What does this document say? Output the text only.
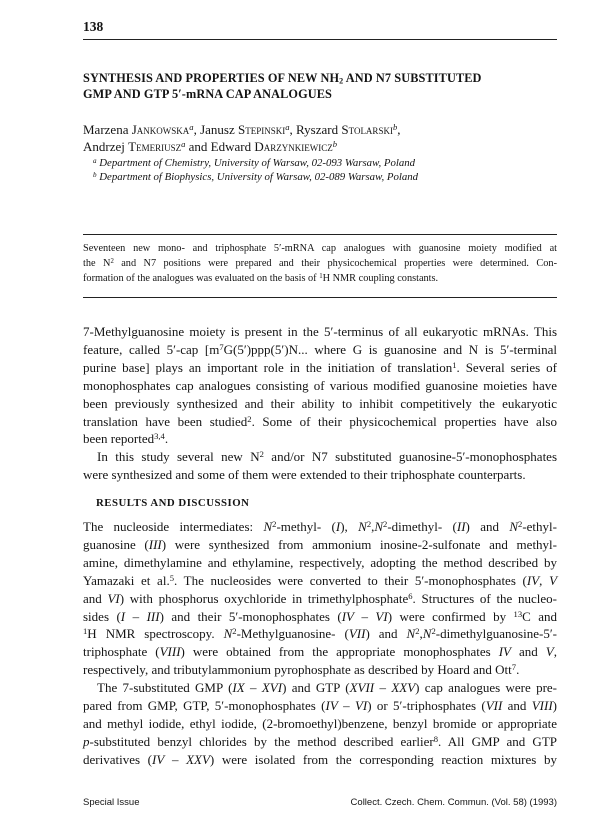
138
SYNTHESIS AND PROPERTIES OF NEW $NH_2$ AND N7 SUBSTITUTED
GMP AND GTP 5′-mRNA CAP ANALOGUES
Marzena Jankowska$^a$, Janusz Stepinski$^a$, Ryszard Stolarski$^b$,
Andrzej Temeriusz$^a$ and Edward Darzynkiewicz$^b$
$^a$ Department of Chemistry, University of Warsaw, 02-093 Warsaw, Poland
$^b$ Department of Biophysics, University of Warsaw, 02-089 Warsaw, Poland
Seventeen new mono- and triphosphate 5′-mRNA cap analogues with guanosine moiety modified at
the $N^2$ and N7 positions were prepared and their physicochemical properties were determined. Con-
formation of the analogues was evaluated on the basis of $^1$H NMR coupling constants.
7-Methylguanosine moiety is present in the 5′-terminus of all eukaryotic mRNAs. This
feature, called 5′-cap [$m^7G(5')ppp(5')N$... where G is guanosine and N is 5′-terminal
purine base] plays an important role in the initiation of translation$^1$. Several series of
monophosphates cap analogues consisting of various modified guanosine moieties have
been previously synthesized and their ability to inhibit competitively the eukaryotic
translation have been studied$^2$. Some of their physicochemical properties have also
been reported$^{3,4}$.
In this study several new $N^2$ and/or N7 substituted guanosine-5′-monophosphates
were synthesized and some of them were extended to their triphosphate counterparts.
RESULTS AND DISCUSSION
The nucleoside intermediates: $N^2-methyl-$ (I), $N^2,N^2-dimethyl-$ (II) and $N^2-ethyl-$
guanosine (III) were synthesized from ammonium inosine-2-sulfonate and methyl-
amine, dimethylamine and ethylamine, respectively, adopting the method described by
Yamazaki et al.$^5$. The nucleosides were converted to their 5′-monophosphates (IV, V
and VI) with phosphorus oxychloride in trimethylphosphate$^6$. Structures of the nucleo-
sides (I – III) and their 5′-monophosphates (IV – VI) were confirmed by $^{13}$C and
$^1$H NMR spectroscopy. $N^2-Methylguanosine-$ (VII) and $N^2,N^2-dimethylguanosine-5'-$
triphosphate (VIII) were obtained from the appropriate monophosphates IV and V,
respectively, and tributylammonium pyrophosphate as described by Hoard and Ott$^7$.
The 7-substituted GMP (IX – XVI) and GTP (XVII – XXV) cap analogues were pre-
pared from GMP, GTP, 5′-monophosphates (IV – VI) or 5′-triphosphates (VII and VIII)
and methyl iodide, ethyl iodide, (2-bromoethyl)benzene, benzyl bromide or appropriate
p-substituted benzyl chlorides by the method described earlier$^8$. All GMP and GTP
derivatives (IV – XXV) were isolated from the corresponding reaction mixtures by
Special Issue	Collect. Czech. Chem. Commun. (Vol. 58) (1993)
